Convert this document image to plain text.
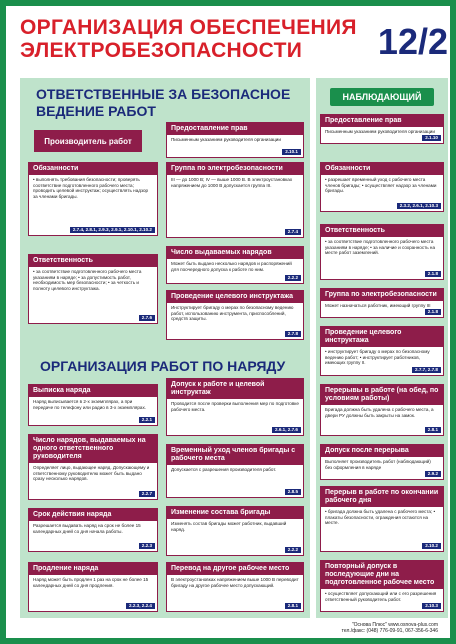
ОРГАНИЗАЦИЯ ОБЕСПЕЧЕНИЯ
ЭЛЕКТРОБЕЗОПАСНОСТИ	12/2
ОТВЕТСТВЕННЫЕ ЗА БЕЗОПАСНОЕ
ВЕДЕНИЕ РАБОТ
Производитель работ
Предоставление прав
Письменным указанием руководителя организации
2.10.1
Обязанности
• выполнять требования безопасности; проверять соответствие подготовленного рабочего места; проводить целевой инструктаж; осуществлять надзор за членами бригады.
2.7.4, 2.8.1, 2.9.3, 2.9.1, 2.10.1, 2.10.2
Группа по электробезопасности
III — до 1000 В; IV — выше 1000 В. В электроустановках напряжением до 1000 В допускается группа III.
2.7.4
Ответственность
• за соответствие подготовленного рабочего места указаниям в наряде; • за допустимость работ, необходимость мер безопасности; • за четкость и полноту целевого инструктажа.
2.7.6
Число выдаваемых нарядов
Может быть выдано несколько нарядов и распоряжений для поочередного допуска к работе по ним.
2.2.2
Проведение целевого инструктажа
Инструктирует бригаду о мерах по безопасному ведению работ, использованию инструмента, приспособлений, средств защиты.
2.7.8
ОРГАНИЗАЦИЯ РАБОТ ПО НАРЯДУ
Выписка наряда
Наряд выписывается в 2-х экземплярах, а при передаче по телефону или радио в 3-х экземплярах.
2.2.1
Допуск к работе и целевой инструктаж
Проводится после проверки выполнения мер по подготовке рабочего места.
2.6.1, 2.7.6
Число нарядов, выдаваемых на одного ответственного руководителя
Определяет лицо, выдающее наряд. Допускающему и ответственному руководителю может быть выдано сразу несколько нарядов.
2.2.7
Временный уход членов бригады с рабочего места
Допускается с разрешения производителя работ.
2.8.5
Срок действия наряда
Разрешается выдавать наряд на срок не более 15 календарных дней со дня начала работы.
2.2.3
Изменение состава бригады
Изменять состав бригады может работник, выдавший наряд.
2.2.2
Продление наряда
Наряд может быть продлен 1 раз на срок не более 15 календарных дней со дня продления.
2.2.3, 2.2.4
Перевод на другое рабочее место
В электроустановках напряжением выше 1000 В переводит бригаду на другое рабочее место допускающий.
2.8.1
НАБЛЮДАЮЩИЙ
Предоставление прав
Письменным указанием руководителя организации
2.1.10
Обязанности
• разрешает временный уход с рабочего места членов бригады; • осуществляет надзор за членами бригады.
2.3.2, 2.6.1, 2.10.3
Ответственность
• за соответствие подготовленного рабочего места указаниям в наряде; • за наличие и сохранность на месте работ заземлений.
2.1.8
Группа по электробезопасности
Может назначаться работник, имеющий группу III
2.1.8
Проведение целевого инструктажа
• инструктирует бригаду о мерах по безопасному ведению работ; • инструктирует работников, имеющих группу II.
2.7.7, 2.7.8
Перерывы в работе (на обед, по условиям работы)
Бригада должна быть удалена с рабочего места, а двери РУ должны быть закрыты на замок.
2.8.1
Допуск после перерыва
Выполняет производитель работ (наблюдающий) без оформления в наряде
2.9.2
Перерыв в работе по окончании рабочего дня
• бригада должна быть удалена с рабочего места; • плакаты безопасности, ограждения остаются на месте.
2.10.2
Повторный допуск в последующие дни на подготовленное рабочее место
• осуществляет допускающий или с его разрешения ответственный руководитель работ.
2.10.3
"Основа Плюс" www.osnova-plus.com
тел./факс: (048) 776-09-91, 067-356-6-346
